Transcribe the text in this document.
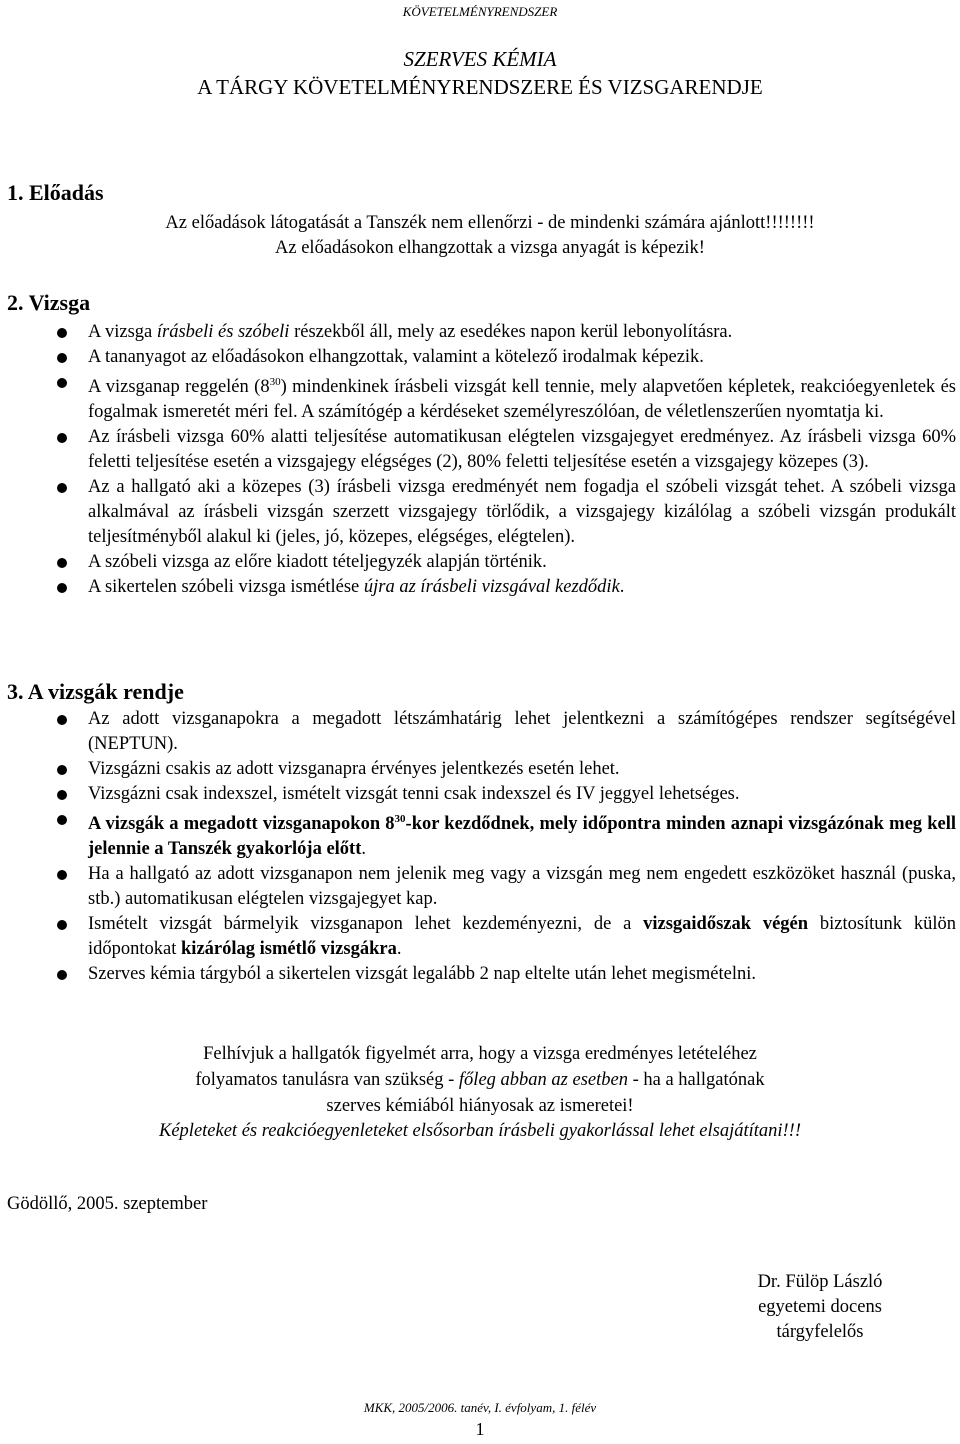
KÖVETELMÉNYRENDSZER
SZERVES KÉMIA
A TÁRGY KÖVETELMÉNYRENDSZERE ÉS VIZSGARENDJE
1. Előadás
Az előadások látogatását a Tanszék nem ellenőrzi - de mindenki számára ajánlott!!!!!!!!
Az előadásokon elhangzottak a vizsga anyagát is képezik!
2. Vizsga
A vizsga írásbeli és szóbeli részekből áll, mely az esedékes napon kerül lebonyolításra.
A tananyagot az előadásokon elhangzottak, valamint a kötelező irodalmak képezik.
A vizsganap reggelén $(8^{30})$ mindenkinek írásbeli vizsgát kell tennie, mely alapvetően képletek, reakcióegyenletek és fogalmak ismeretét méri fel. A számítógép a kérdéseket személyreszólóan, de véletlenszerűen nyomtatja ki.
Az írásbeli vizsga 60% alatti teljesítése automatikusan elégtelen vizsgajegyet eredményez. Az írásbeli vizsga 60% feletti teljesítése esetén a vizsgajegy elégséges (2), 80% feletti teljesítése esetén a vizsgajegy közepes (3).
Az a hallgató aki a közepes (3) írásbeli vizsga eredményét nem fogadja el szóbeli vizsgát tehet. A szóbeli vizsga alkalmával az írásbeli vizsgán szerzett vizsgajegy törlődik, a vizsgajegy kizálólag a szóbeli vizsgán produkált teljesítményből alakul ki (jeles, jó, közepes, elégséges, elégtelen).
A szóbeli vizsga az előre kiadott tételjegyzék alapján történik.
A sikertelen szóbeli vizsga ismétlése újra az írásbeli vizsgával kezdődik.
3. A vizsgák rendje
Az adott vizsganapokra a megadott létszámhatárig lehet jelentkezni a számítógépes rendszer segítségével (NEPTUN).
Vizsgázni csakis az adott vizsganapra érvényes jelentkezés esetén lehet.
Vizsgázni csak indexszel, ismételt vizsgát tenni csak indexszel és IV jeggyel lehetséges.
A vizsgák a megadott vizsganapokon $8^{30}$-kor kezdődnek, mely időpontra minden aznapi vizsgázónak meg kell jelennie a Tanszék gyakorlója előtt.
Ha a hallgató az adott vizsganapon nem jelenik meg vagy a vizsgán meg nem engedett eszközöket használ (puska, stb.) automatikusan elégtelen vizsgajegyet kap.
Ismételt vizsgát bármelyik vizsganapon lehet kezdeményezni, de a vizsgaidőszak végén biztosítunk külön időpontokat kizárólag ismétlő vizsgákra.
Szerves kémia tárgyból a sikertelen vizsgát legalább 2 nap eltelte után lehet megismételni.
Felhívjuk a hallgatók figyelmét arra, hogy a vizsga eredményes letételéhez
folyamatos tanulásra van szükség - főleg abban az esetben - ha a hallgatónak
szerves kémiából hiányosak az ismeretei!
Képleteket és reakcióegyenleteket elsősorban írásbeli gyakorlással lehet elsajátítani!!!
Gödöllő, 2005. szeptember
Dr. Fülöp László
egyetemi docens
tárgyfelelős
MKK, 2005/2006. tanév, I. évfolyam, 1. félév
1
